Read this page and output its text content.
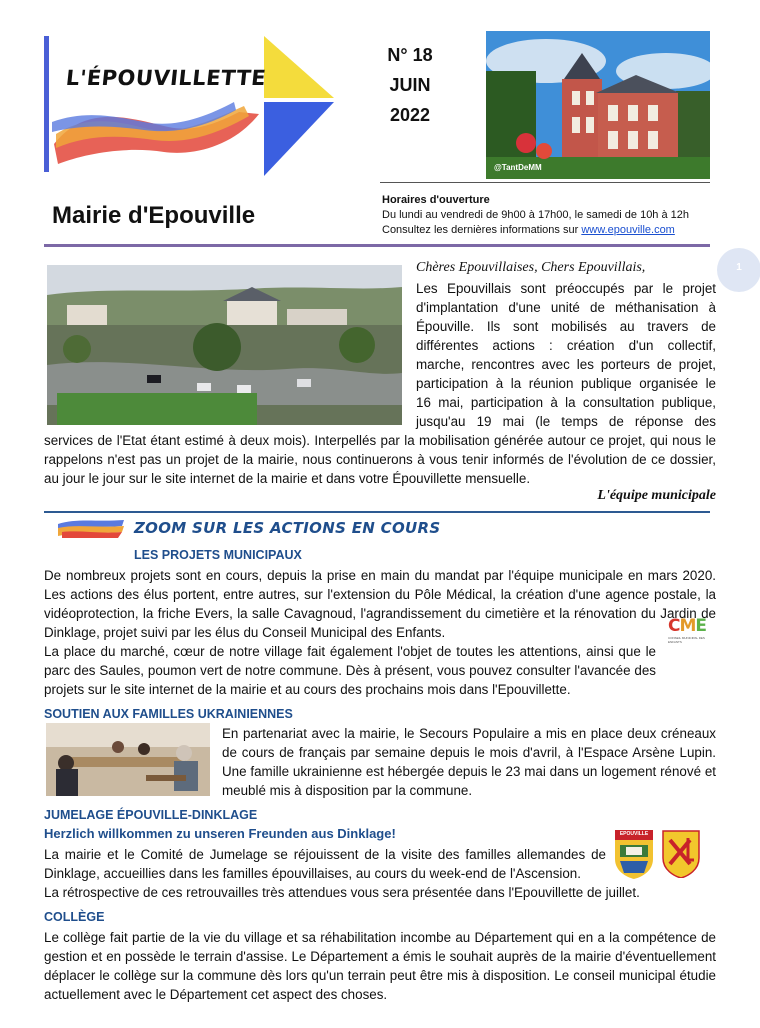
L'ÉPOUVILLETTE
N° 18
JUIN
2022
@TantDeMM
Mairie d'Epouville
Horaires d'ouverture
Du lundi au vendredi de 9h00 à 17h00, le samedi de 10h à 12h
Consultez les dernières informations sur www.epouville.com
1
Chères Epouvillaises, Chers Epouvillais,
Les Epouvillais sont préoccupés par le projet
d'implantation d'une unité de méthanisation à
Épouville. Ils sont mobilisés au travers de
différentes actions : création d'un collectif,
marche, rencontres avec les porteurs de projet,
participation à la réunion publique organisée le
16 mai, participation à la consultation publique,
jusqu'au 19 mai (le temps de réponse des
services de l'Etat étant estimé à deux mois). Interpellés par la mobilisation générée autour ce projet, qui nous le rappelons n'est pas un projet de la mairie, nous continuerons à vous tenir informés de l'évolution de ce dossier, au jour le jour sur le site internet de la mairie et dans votre Épouvillette mensuelle.
L'équipe municipale
ZOOM SUR LES ACTIONS EN COURS
LES PROJETS MUNICIPAUX
De nombreux projets sont en cours, depuis la prise en main du mandat par l'équipe municipale en mars 2020. Les actions des élus portent, entre autres, sur l'extension du Pôle Médical, la création d'une agence postale, la vidéoprotection, la friche Evers, la salle Cavagnoud, l'agrandissement du cimetière et la rénovation du Jardin de Dinklage, projet suivi par les élus du Conseil Municipal des Enfants.
La place du marché, cœur de notre village fait également l'objet de toutes les attentions, ainsi que le parc des Saules, poumon vert de notre commune. Dès à présent, vous pouvez consulter l'avancée des projets sur le site internet de la mairie et au cours des prochains mois dans l'Epouvillette.
CME
CONSEIL MUNICIPAL DES ENFANTS
SOUTIEN AUX FAMILLES UKRAINIENNES
En partenariat avec la mairie, le Secours Populaire a mis en place deux créneaux de cours de français par semaine depuis le mois d'avril, à l'Espace Arsène Lupin. Une famille ukrainienne est hébergée depuis le 23 mai dans un logement rénové et meublé mis à disposition par la commune.
JUMELAGE ÉPOUVILLE-DINKLAGE
Herzlich willkommen zu unseren Freunden aus Dinklage!
La mairie et le Comité de Jumelage se réjouissent de la visite des familles allemandes de Dinklage, accueillies dans les familles épouvillaises, au cours du week-end de l'Ascension.
La rétrospective de ces retrouvailles très attendues vous sera présentée dans l'Epouvillette de juillet.
EPOUVILLE
COLLÈGE
Le collège fait partie de la vie du village et sa réhabilitation incombe au Département qui en a la compétence de gestion et en possède le terrain d'assise. Le Département a émis le souhait auprès de la mairie d'éventuellement déplacer le collège sur la commune dès lors qu'un terrain peut être mis à disposition. Le conseil municipal étudie actuellement avec le Département cet aspect des choses.
